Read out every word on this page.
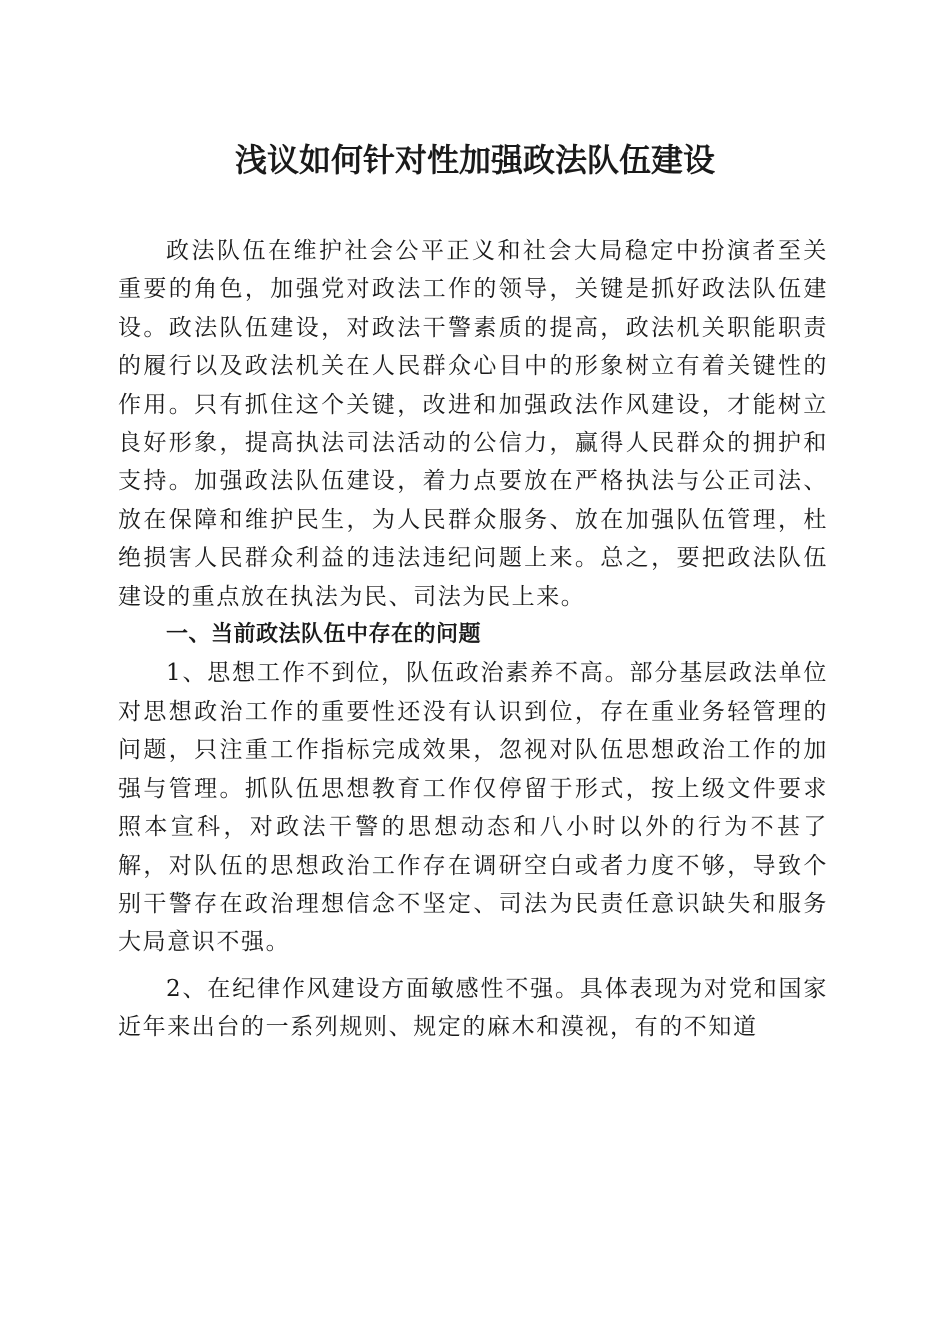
浅议如何针对性加强政法队伍建设

政法队伍在维护社会公平正义和社会大局稳定中扮演者至关重要的角色，加强党对政法工作的领导，关键是抓好政法队伍建设。政法队伍建设，对政法干警素质的提高，政法机关职能职责的履行以及政法机关在人民群众心目中的形象树立有着关键性的作用。只有抓住这个关键，改进和加强政法作风建设，才能树立良好形象，提高执法司法活动的公信力，赢得人民群众的拥护和支持。加强政法队伍建设，着力点要放在严格执法与公正司法、放在保障和维护民生，为人民群众服务、放在加强队伍管理，杜绝损害人民群众利益的违法违纪问题上来。总之，要把政法队伍建设的重点放在执法为民、司法为民上来。

一、当前政法队伍中存在的问题

1、思想工作不到位，队伍政治素养不高。部分基层政法单位对思想政治工作的重要性还没有认识到位，存在重业务轻管理的问题，只注重工作指标完成效果，忽视对队伍思想政治工作的加强与管理。抓队伍思想教育工作仅停留于形式，按上级文件要求照本宣科，对政法干警的思想动态和八小时以外的行为不甚了解，对队伍的思想政治工作存在调研空白或者力度不够，导致个别干警存在政治理想信念不坚定、司法为民责任意识缺失和服务大局意识不强。

2、在纪律作风建设方面敏感性不强。具体表现为对党和国家近年来出台的一系列规则、规定的麻木和漠视，有的不知道
